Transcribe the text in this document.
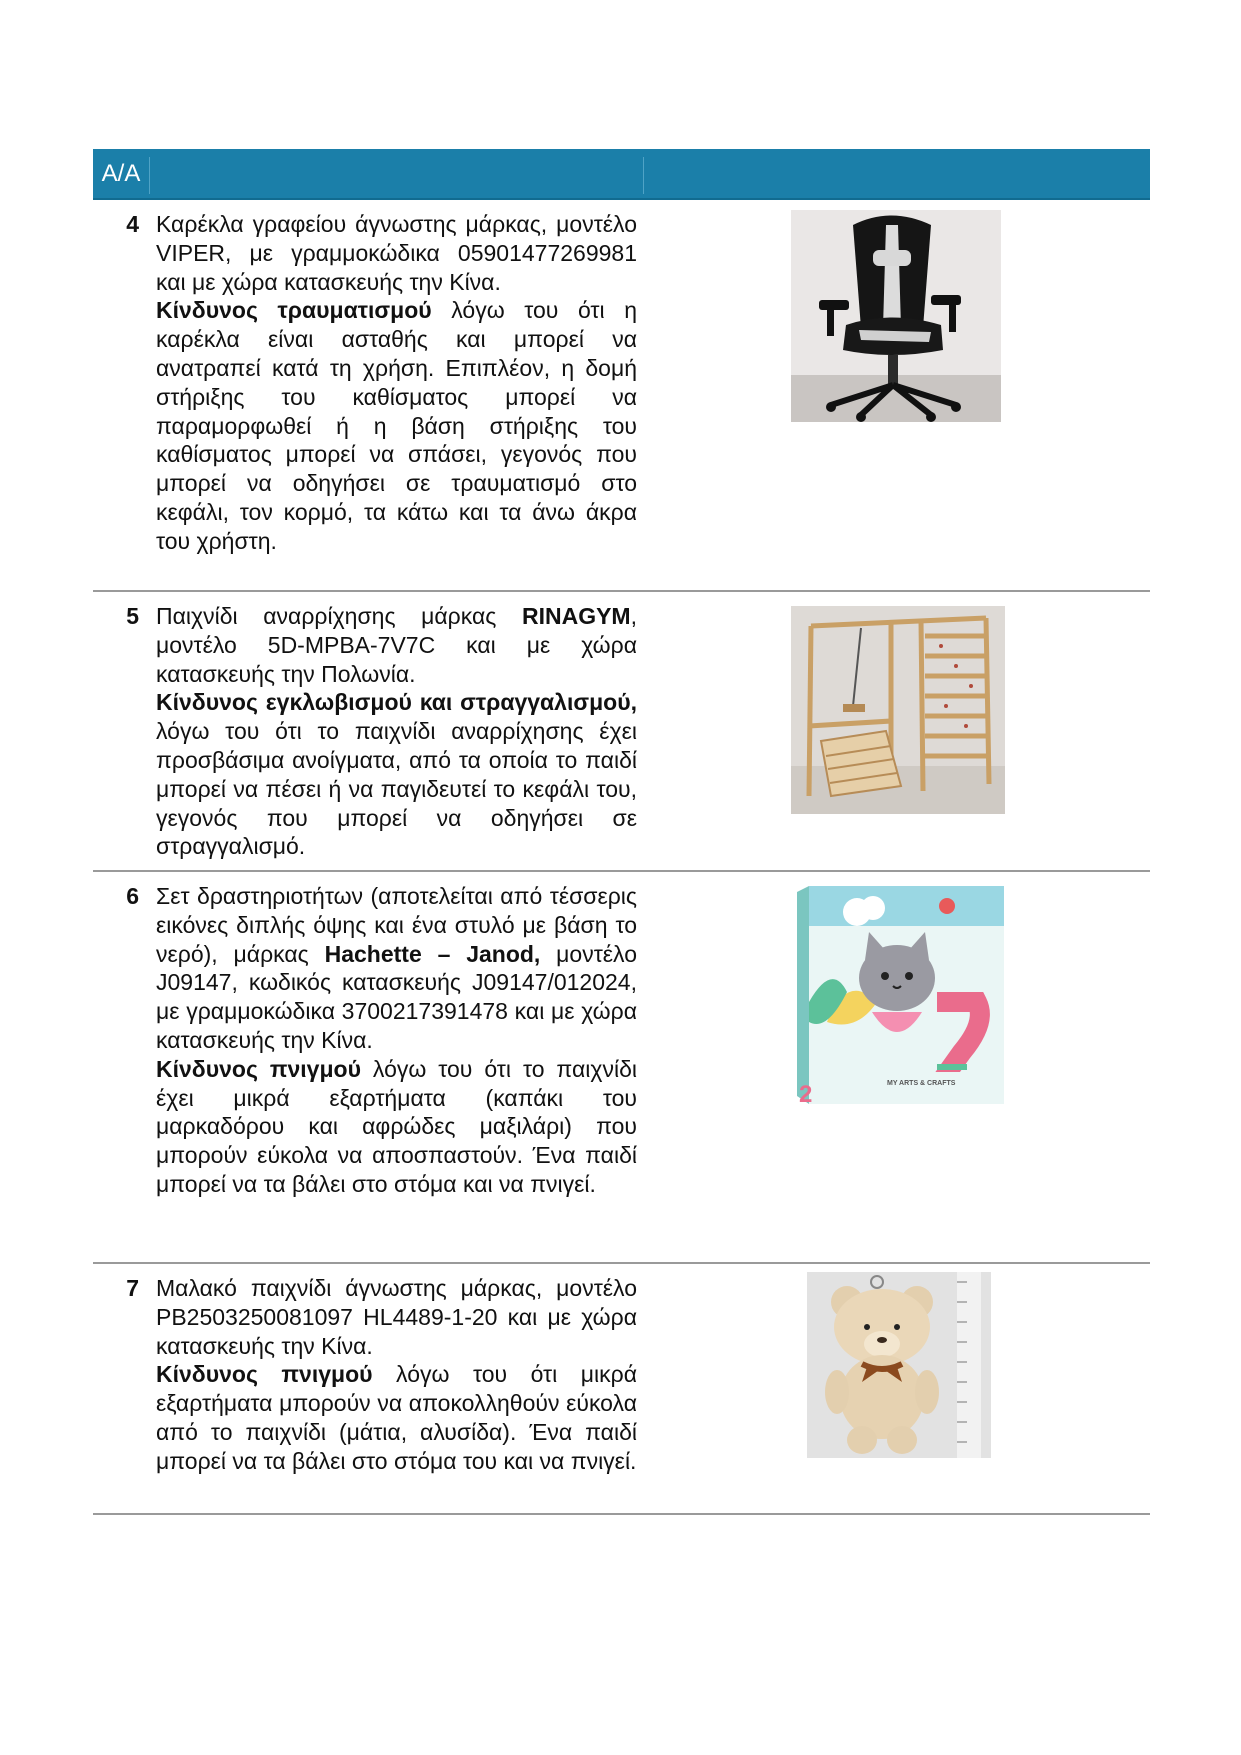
A/A
4 Καρέκλα γραφείου άγνωστης μάρκας, μοντέλο VIPER, με γραμμοκώδικα 05901477269981 και με χώρα κατασκευής την Κίνα.

Κίνδυνος τραυματισμού λόγω του ότι η καρέκλα είναι ασταθής και μπορεί να ανατραπεί κατά τη χρήση. Επιπλέον, η δομή στήριξης του καθίσματος μπορεί να παραμορφωθεί ή η βάση στήριξης του καθίσματος μπορεί να σπάσει, γεγονός που μπορεί να οδηγήσει σε τραυματισμό στο κεφάλι, τον κορμό, τα κάτω και τα άνω άκρα του χρήστη.

5 Παιχνίδι αναρρίχησης μάρκας RINAGYM, μοντέλο 5D-MPBA-7V7C και με χώρα κατασκευής την Πολωνία.

Κίνδυνος εγκλωβισμού και στραγγαλισμού, λόγω του ότι το παιχνίδι αναρρίχησης έχει προσβάσιμα ανοίγματα, από τα οποία το παιδί μπορεί να πέσει ή να παγιδευτεί το κεφάλι του, γεγονός που μπορεί να οδηγήσει σε στραγγαλισμό.

6 Σετ δραστηριοτήτων (αποτελείται από τέσσερις εικόνες διπλής όψης και ένα στυλό με βάση το νερό), μάρκας Hachette – Janod, μοντέλο J09147, κωδικός κατασκευής J09147/012024, με γραμμοκώδικα 3700217391478 και με χώρα κατασκευής την Κίνα.

Κίνδυνος πνιγμού λόγω του ότι το παιχνίδι έχει μικρά εξαρτήματα (καπάκι του μαρκαδόρου και αφρώδες μαξιλάρι) που μπορούν εύκολα να αποσπαστούν. Ένα παιδί μπορεί να τα βάλει στο στόμα και να πνιγεί.

MY ARTS & CRAFTS
2
7 Μαλακό παιχνίδι άγνωστης μάρκας, μοντέλο PB2503250081097 HL4489-1-20 και με χώρα κατασκευής την Κίνα.

Κίνδυνος πνιγμού λόγω του ότι μικρά εξαρτήματα μπορούν να αποκολληθούν εύκολα από το παιχνίδι (μάτια, αλυσίδα). Ένα παιδί μπορεί να τα βάλει στο στόμα του και να πνιγεί.
